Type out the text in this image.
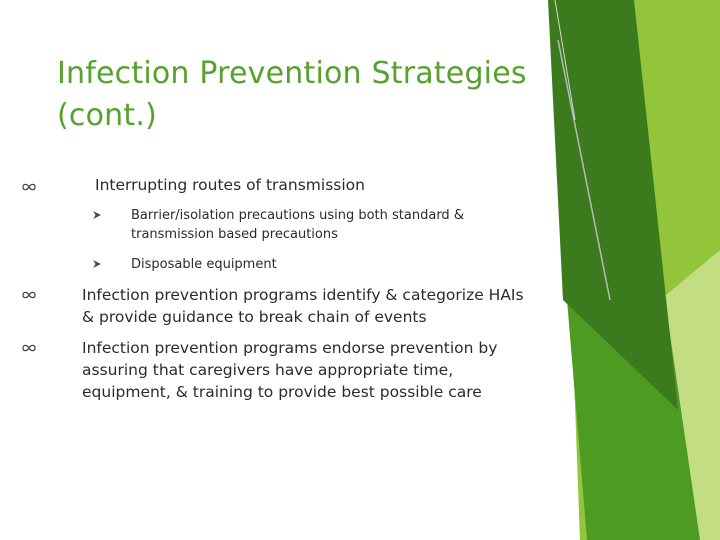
Infection Prevention Strategies (cont.)

Interrupting routes of transmission

Barrier/isolation precautions using both standard & transmission based precautions

Disposable equipment

Infection prevention programs identify & categorize HAIs & provide guidance to break chain of events

Infection prevention programs endorse prevention by assuring that caregivers have appropriate time, equipment, & training to provide best possible care

lsevier Inc.
